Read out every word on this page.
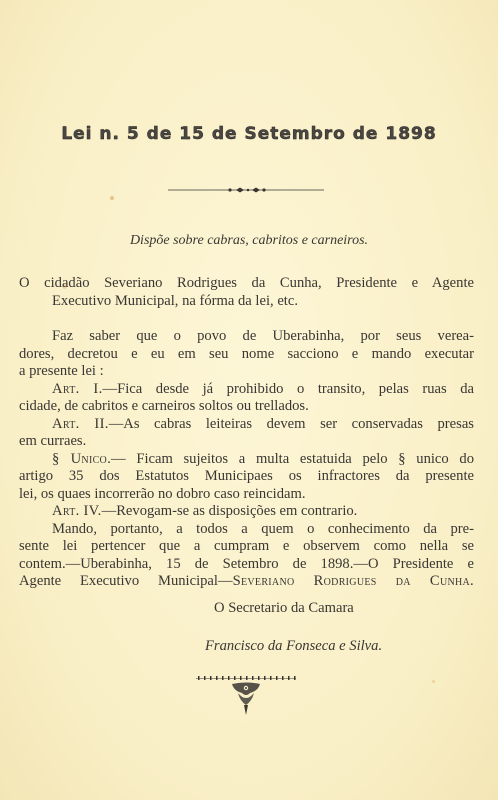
Lei n. 5 de 15 de Setembro de 1898
Dispõe sobre cabras, cabritos e carneiros.
O cidadão Severiano Rodrigues da Cunha, Presidente e Agente
Executivo Municipal, na fórma da lei, etc.
Faz saber que o povo de Uberabinha, por seus verea-
dores, decretou e eu em seu nome sacciono e mando executar
a presente lei :
Art. I.—Fica desde já prohibido o transito, pelas ruas da
cidade, de cabritos e carneiros soltos ou trellados.
Art. II.—As cabras leiteiras devem ser conservadas presas
em curraes.
§ Unico.— Ficam sujeitos a multa estatuida pelo § unico do
artigo 35 dos Estatutos Municipaes os infractores da presente
lei, os quaes incorrerão no dobro caso reincidam.
Art. IV.—Revogam-se as disposições em contrario.
Mando, portanto, a todos a quem o conhecimento da pre-
sente lei pertencer que a cumpram e observem como nella se
contem.—Uberabinha, 15 de Setembro de 1898.—O Presidente e
Agente Executivo Municipal—Severiano Rodrigues da Cunha.
O Secretario da Camara
Francisco da Fonseca e Silva.
